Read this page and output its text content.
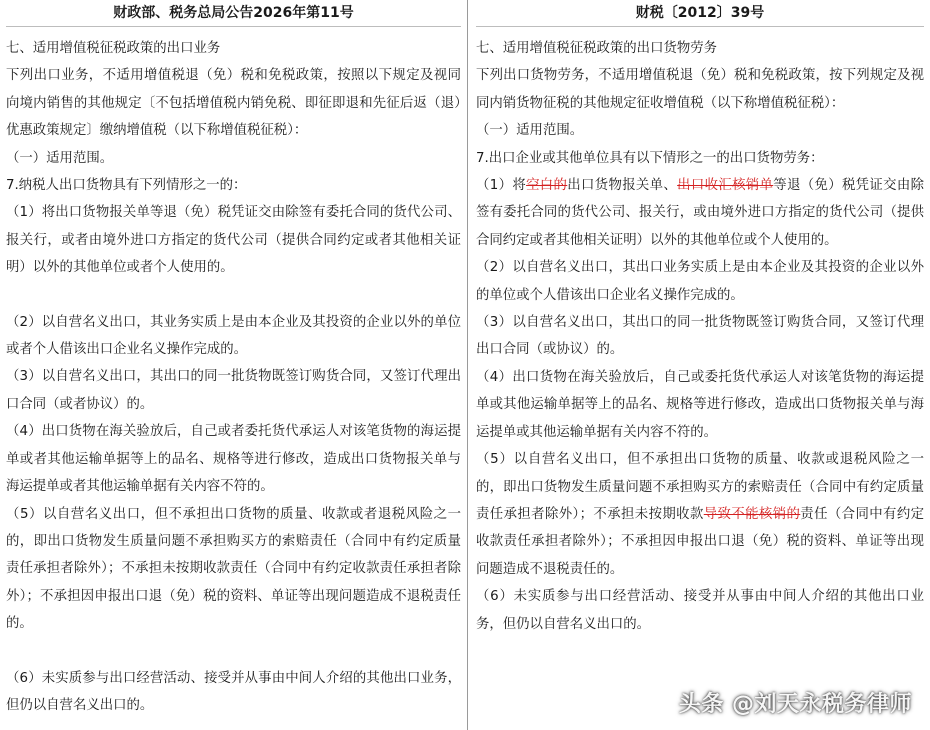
财政部、税务总局公告2026年第11号

七、适用增值税征税政策的出口业务

下列出口业务，不适用增值税退（免）税和免税政策，按照以下规定及视同向境内销售的其他规定〔不包括增值税内销免税、即征即退和先征后返（退）优惠政策规定〕缴纳增值税（以下称增值税征税）：

（一）适用范围。

7.纳税人出口货物具有下列情形之一的：

（1）将出口货物报关单等退（免）税凭证交由除签有委托合同的货代公司、报关行，或者由境外进口方指定的货代公司（提供合同约定或者其他相关证明）以外的其他单位或者个人使用的。

（2）以自营名义出口，其业务实质上是由本企业及其投资的企业以外的单位或者个人借该出口企业名义操作完成的。

（3）以自营名义出口，其出口的同一批货物既签订购货合同，又签订代理出口合同（或者协议）的。

（4）出口货物在海关验放后，自己或者委托货代承运人对该笔货物的海运提单或者其他运输单据等上的品名、规格等进行修改，造成出口货物报关单与海运提单或者其他运输单据有关内容不符的。

（5）以自营名义出口，但不承担出口货物的质量、收款或者退税风险之一的，即出口货物发生质量问题不承担购买方的索赔责任（合同中有约定质量责任承担者除外）；不承担未按期收款责任（合同中有约定收款责任承担者除外）；不承担因申报出口退（免）税的资料、单证等出现问题造成不退税责任的。

（6）未实质参与出口经营活动、接受并从事由中间人介绍的其他出口业务，但仍以自营名义出口的。

财税〔2012〕39号

七、适用增值税征税政策的出口货物劳务

下列出口货物劳务，不适用增值税退（免）税和免税政策，按下列规定及视同内销货物征税的其他规定征收增值税（以下称增值税征税）：

（一）适用范围。

7.出口企业或其他单位具有以下情形之一的出口货物劳务：

（1）将空白的出口货物报关单、出口收汇核销单等退（免）税凭证交由除签有委托合同的货代公司、报关行，或由境外进口方指定的货代公司（提供合同约定或者其他相关证明）以外的其他单位或个人使用的。

（2）以自营名义出口，其出口业务实质上是由本企业及其投资的企业以外的单位或个人借该出口企业名义操作完成的。

（3）以自营名义出口，其出口的同一批货物既签订购货合同，又签订代理出口合同（或协议）的。

（4）出口货物在海关验放后，自己或委托货代承运人对该笔货物的海运提单或其他运输单据等上的品名、规格等进行修改，造成出口货物报关单与海运提单或其他运输单据有关内容不符的。

（5）以自营名义出口，但不承担出口货物的质量、收款或退税风险之一的，即出口货物发生质量问题不承担购买方的索赔责任（合同中有约定质量责任承担者除外）；不承担未按期收款导致不能核销的责任（合同中有约定收款责任承担者除外）；不承担因申报出口退（免）税的资料、单证等出现问题造成不退税责任的。

（6）未实质参与出口经营活动、接受并从事由中间人介绍的其他出口业务，但仍以自营名义出口的。

头条 @刘天永税务律师
